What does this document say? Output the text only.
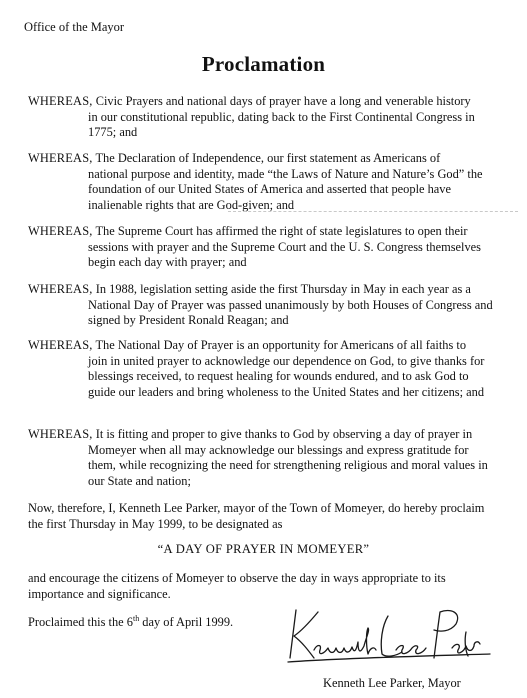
Office of the Mayor
Proclamation
WHEREAS, Civic Prayers and national days of prayer have a long and venerable history
in our constitutional republic, dating back to the First Continental Congress in 1775; and
WHEREAS, The Declaration of Independence, our first statement as Americans of
national purpose and identity, made “the Laws of Nature and Nature’s God” the foundation of our United States of America and asserted that people have inalienable rights that are God-given; and
WHEREAS, The Supreme Court has affirmed the right of state legislatures to open their
sessions with prayer and the Supreme Court and the U. S. Congress themselves begin each day with prayer; and
WHEREAS, In 1988, legislation setting aside the first Thursday in May in each year as a
National Day of Prayer was passed unanimously by both Houses of Congress and signed by President Ronald Reagan; and
WHEREAS, The National Day of Prayer is an opportunity for Americans of all faiths to
join in united prayer to acknowledge our dependence on God, to give thanks for blessings received, to request healing for wounds endured, and to ask God to guide our leaders and bring wholeness to the United States and her citizens; and
WHEREAS, It is fitting and proper to give thanks to God by observing a day of prayer in
Momeyer when all may acknowledge our blessings and express gratitude for them, while recognizing the need for strengthening religious and moral values in our State and nation;
Now, therefore, I, Kenneth Lee Parker, mayor of the Town of Momeyer, do hereby proclaim the first Thursday in May 1999, to be designated as
“A DAY OF PRAYER IN MOMEYER”
and encourage the citizens of Momeyer to observe the day in ways appropriate to its importance and significance.
Proclaimed this the 6th day of April 1999.
Kenneth Lee Parker, Mayor
